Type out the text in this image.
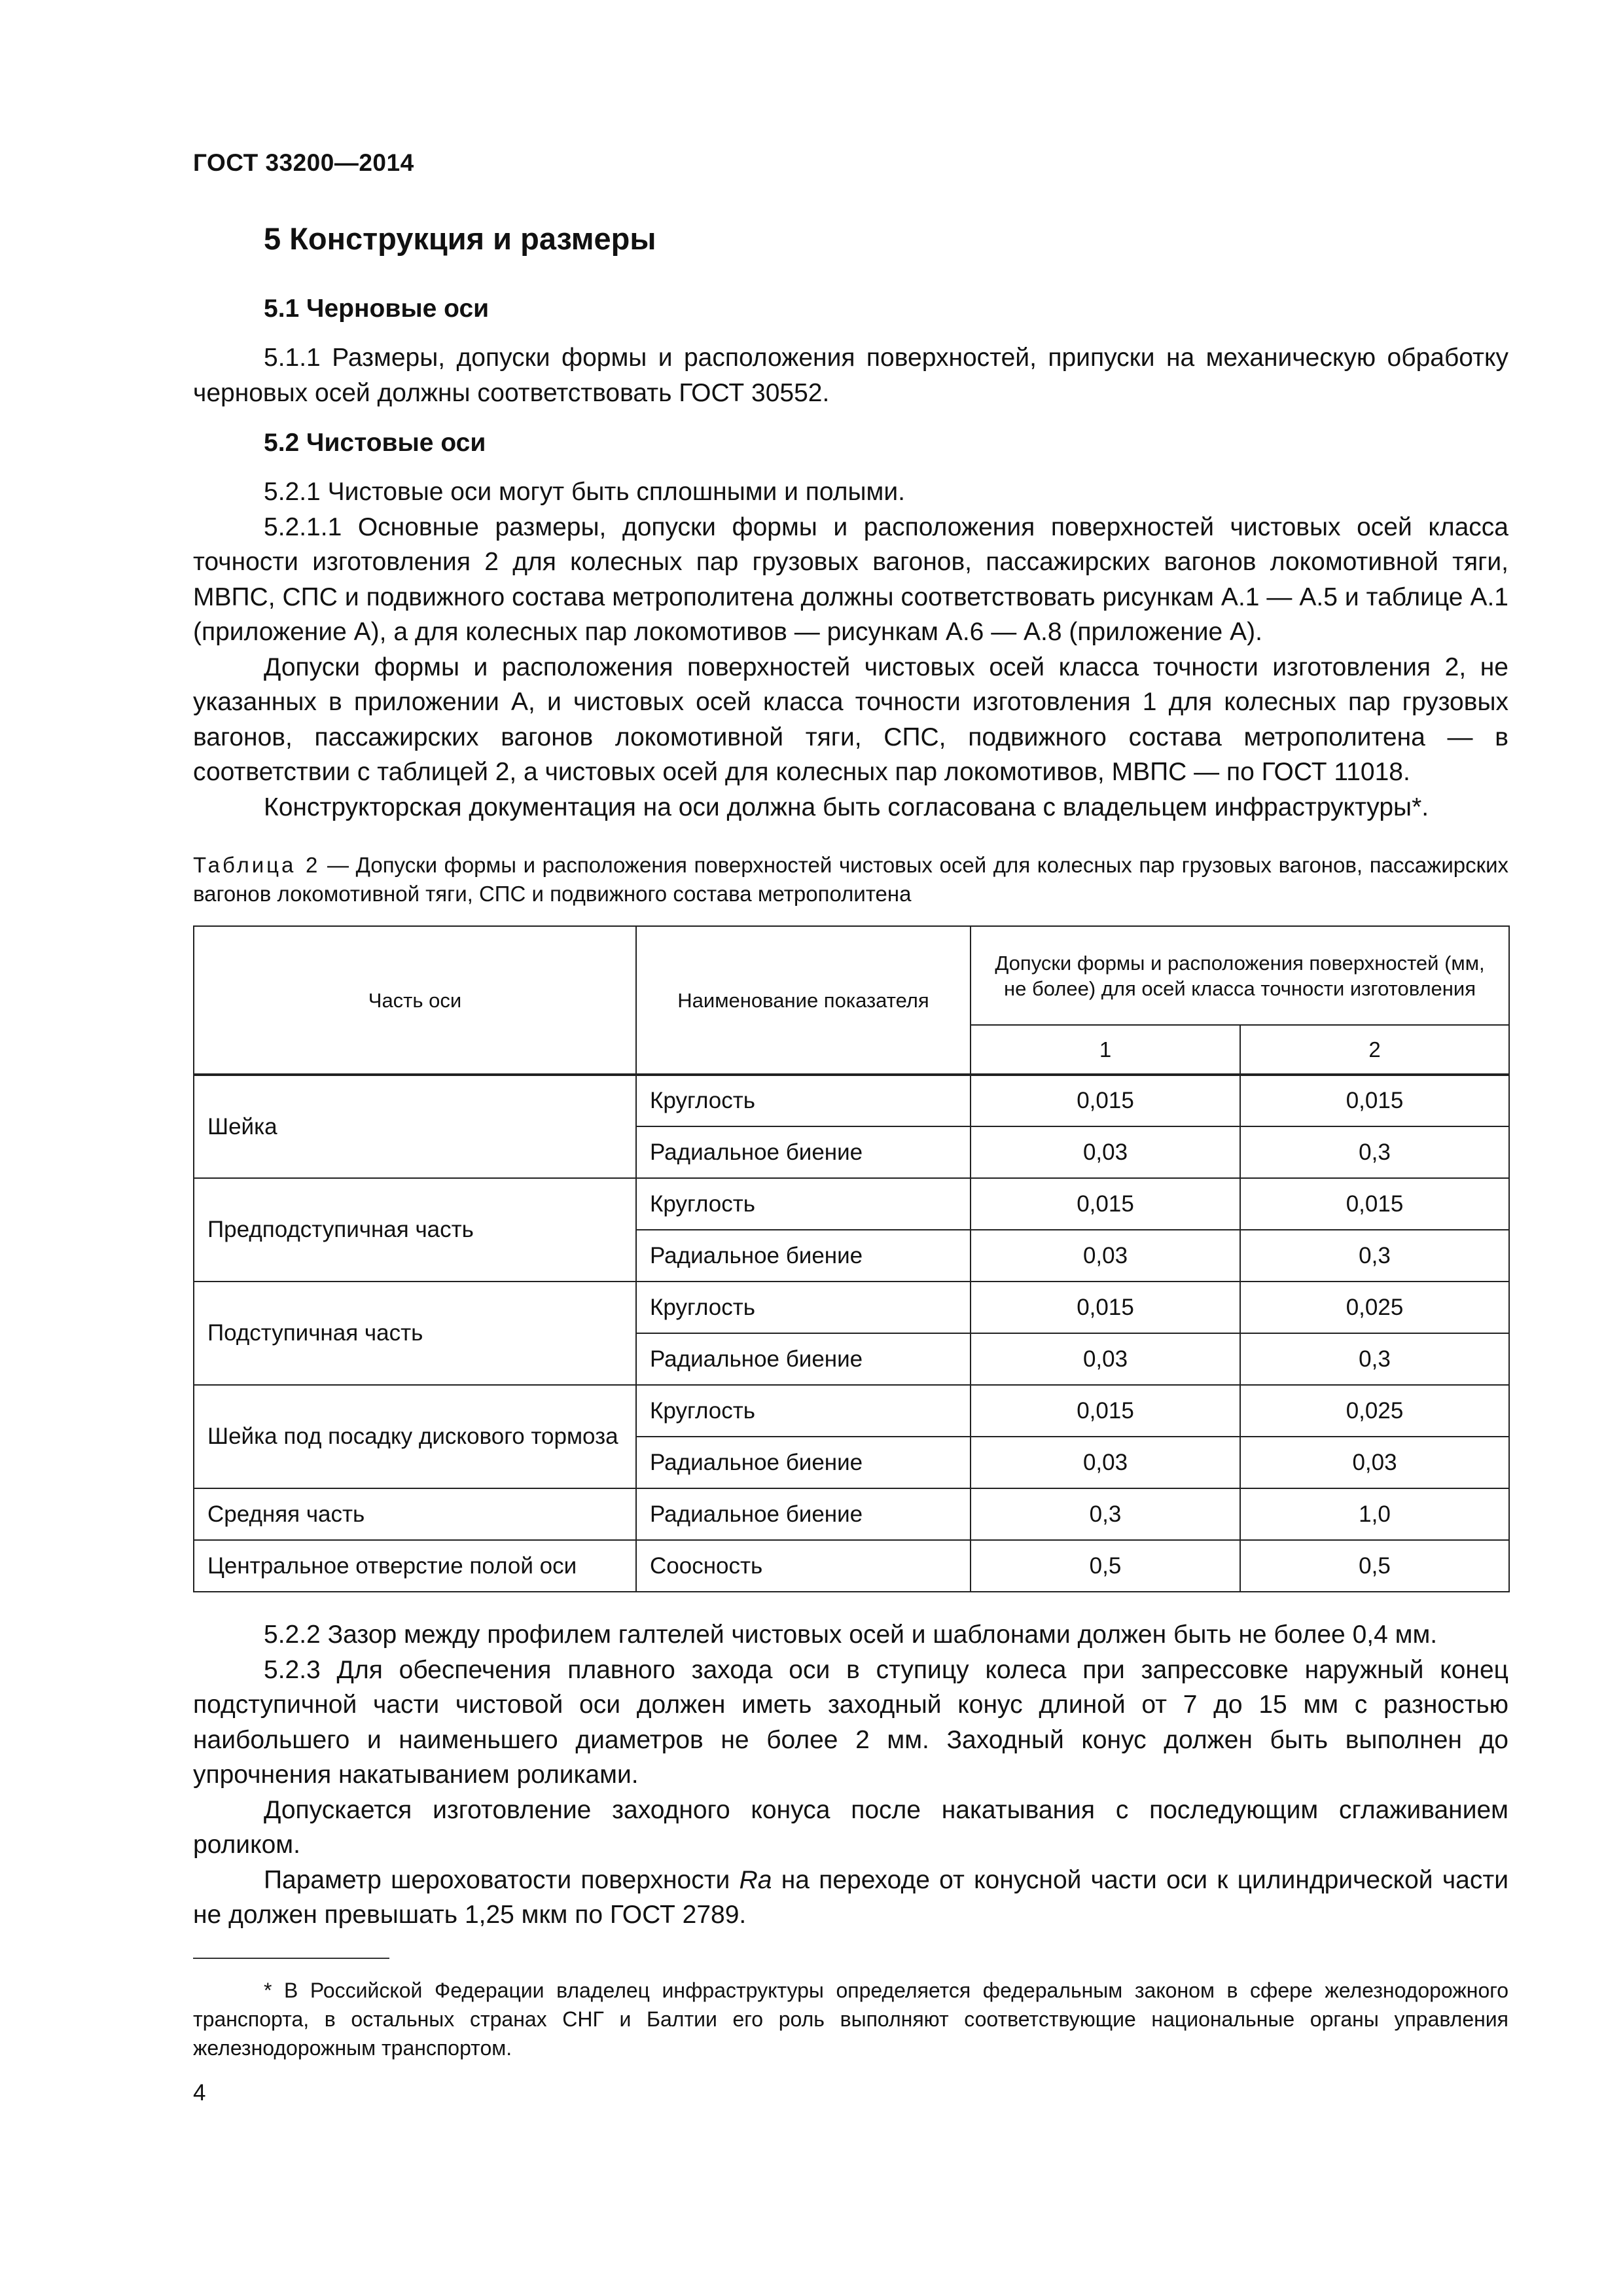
ГОСТ 33200—2014
5 Конструкция и размеры
5.1 Черновые оси

5.1.1 Размеры, допуски формы и расположения поверхностей, припуски на механическую обработку черновых осей должны соответствовать ГОСТ 30552.

5.2 Чистовые оси

5.2.1 Чистовые оси могут быть сплошными и полыми.

5.2.1.1 Основные размеры, допуски формы и расположения поверхностей чистовых осей класса точности изготовления 2 для колесных пар грузовых вагонов, пассажирских вагонов локомотивной тяги, МВПС, СПС и подвижного состава метрополитена должны соответствовать рисункам А.1 — А.5 и таблице А.1 (приложение А), а для колесных пар локомотивов — рисункам А.6 — А.8 (приложение А).

Допуски формы и расположения поверхностей чистовых осей класса точности изготовления 2, не указанных в приложении А, и чистовых осей класса точности изготовления 1 для колесных пар грузовых вагонов, пассажирских вагонов локомотивной тяги, СПС, подвижного состава метрополитена — в соответствии с таблицей 2, а чистовых осей для колесных пар локомотивов, МВПС — по ГОСТ 11018.

Конструкторская документация на оси должна быть согласована с владельцем инфраструктуры*.

Таблица 2 — Допуски формы и расположения поверхностей чистовых осей для колесных пар грузовых вагонов, пассажирских вагонов локомотивной тяги, СПС и подвижного состава метрополитена
Часть оси	Наименование показателя	Допуски формы и расположения поверхностей (мм, не более) для осей класса точности изготовления	
		1	2
Шейка	Круглость	0,015	0,015
	Радиальное биение	0,03	0,3
Предподступичная часть	Круглость	0,015	0,015
	Радиальное биение	0,03	0,3
Подступичная часть	Круглость	0,015	0,025
	Радиальное биение	0,03	0,3
Шейка под посадку дискового тормоза	Круглость	0,015	0,025
	Радиальное биение	0,03	0,03
Средняя часть	Радиальное биение	0,3	1,0
Центральное отверстие полой оси	Соосность	0,5	0,5

5.2.2 Зазор между профилем галтелей чистовых осей и шаблонами должен быть не более 0,4 мм.

5.2.3 Для обеспечения плавного захода оси в ступицу колеса при запрессовке наружный конец подступичной части чистовой оси должен иметь заходный конус длиной от 7 до 15 мм с разностью наибольшего и наименьшего диаметров не более 2 мм. Заходный конус должен быть выполнен до упрочнения накатыванием роликами.

Допускается изготовление заходного конуса после накатывания с последующим сглаживанием роликом.

Параметр шероховатости поверхности Ra на переходе от конусной части оси к цилиндрической части не должен превышать 1,25 мкм по ГОСТ 2789.

* В Российской Федерации владелец инфраструктуры определяется федеральным законом в сфере железнодорожного транспорта, в остальных странах СНГ и Балтии его роль выполняют соответствующие национальные органы управления железнодорожным транспортом.
4
